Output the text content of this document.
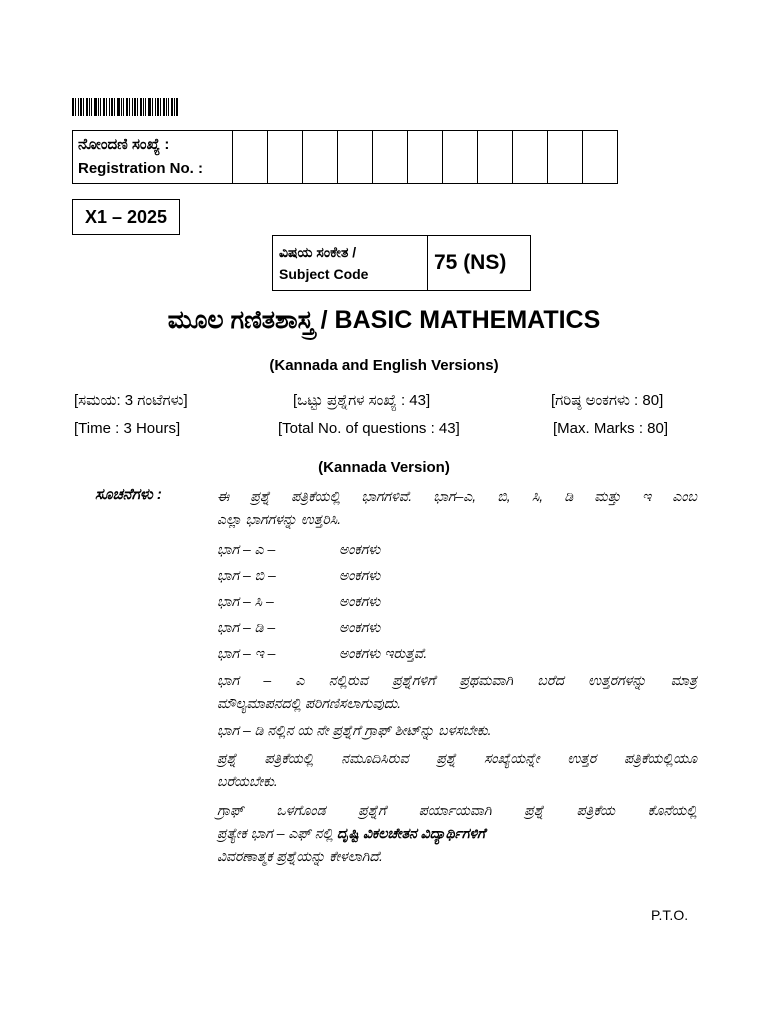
ನೋಂದಣಿ ಸಂಖ್ಯೆ :
Registration No. :

X1 – 2025
ವಿಷಯ ಸಂಕೇತ /
Subject Code	75 (NS)
ಮೂಲ ಗಣಿತಶಾಸ್ತ್ರ / BASIC MATHEMATICS
(Kannada and English Versions)
[ಸಮಯ: 3 ಗಂಟೆಗಳು]	[ಒಟ್ಟು ಪ್ರಶ್ನೆಗಳ ಸಂಖ್ಯೆ : 43]	[ಗರಿಷ್ಠ ಅಂಕಗಳು : 80]
[Time : 3 Hours]	[Total No. of questions : 43]	[Max. Marks : 80]
(Kannada Version)
ಸೂಚನೆಗಳು :	ಈ ಪ್ರಶ್ನೆ ಪತ್ರಿಕೆಯಲ್ಲಿ ಭಾಗಗಳಿವೆ. ಭಾಗ–ಎ, ಬಿ, ಸಿ, ಡಿ ಮತ್ತು ಇ ಎಂಬ
ಎಲ್ಲಾ ಭಾಗಗಳನ್ನು ಉತ್ತರಿಸಿ.
ಭಾಗ – ಎ –	ಅಂಕಗಳು
ಭಾಗ – ಬಿ –	ಅಂಕಗಳು
ಭಾಗ – ಸಿ –	ಅಂಕಗಳು
ಭಾಗ – ಡಿ –	ಅಂಕಗಳು
ಭಾಗ – ಇ –	ಅಂಕಗಳು ಇರುತ್ತವೆ.
ಭಾಗ – ಎ ನಲ್ಲಿರುವ ಪ್ರಶ್ನೆಗಳಿಗೆ ಪ್ರಥಮವಾಗಿ ಬರೆದ ಉತ್ತರಗಳನ್ನು ಮಾತ್ರ
ಮೌಲ್ಯಮಾಪನದಲ್ಲಿ ಪರಿಗಣಿಸಲಾಗುವುದು.
ಭಾಗ – ಡಿ ನಲ್ಲಿನ ಯ ನೇ ಪ್ರಶ್ನೆಗೆ ಗ್ರಾಫ್ ಶೀಟ್‌ನ್ನು ಬಳಸಬೇಕು.
ಪ್ರಶ್ನೆ ಪತ್ರಿಕೆಯಲ್ಲಿ ನಮೂದಿಸಿರುವ ಪ್ರಶ್ನೆ ಸಂಖ್ಯೆಯನ್ನೇ ಉತ್ತರ ಪತ್ರಿಕೆಯಲ್ಲಿಯೂ
ಬರೆಯಬೇಕು.
ಗ್ರಾಫ್ ಒಳಗೊಂಡ ಪ್ರಶ್ನೆಗೆ ಪರ್ಯಾಯವಾಗಿ ಪ್ರಶ್ನೆ ಪತ್ರಿಕೆಯ ಕೊನೆಯಲ್ಲಿ
ಪ್ರತ್ಯೇಕ ಭಾಗ – ಎಫ್ ನಲ್ಲಿ ದೃಷ್ಟಿ ವಿಕಲಚೇತನ ವಿದ್ಯಾರ್ಥಿಗಳಿಗೆ
ವಿವರಣಾತ್ಮಕ ಪ್ರಶ್ನೆಯನ್ನು ಕೇಳಲಾಗಿದೆ.
P.T.O.
